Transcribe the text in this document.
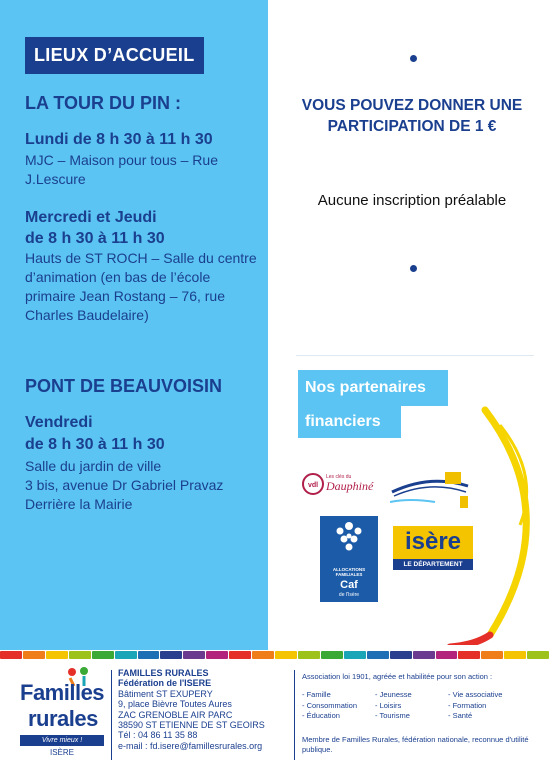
LIEUX D’ACCUEIL
LA TOUR DU PIN :
Lundi de 8 h 30 à 11 h 30
MJC – Maison pour tous – Rue J.Lescure
Mercredi et Jeudi
de 8 h 30 à 11 h 30
Hauts de ST ROCH – Salle du centre d’animation (en bas de l’école primaire Jean Rostang – 76, rue Charles Baudelaire)
PONT DE BEAUVOISIN
Vendredi
de 8 h 30 à 11 h 30
Salle du jardin de ville
3 bis, avenue Dr Gabriel Pravaz
Derrière la Mairie
VOUS POUVEZ DONNER UNE PARTICIPATION DE 1 €
Aucune inscription préalable
Nos partenaires
financiers
vdl
Les clés du
Dauphiné
ALLOCATIONS
FAMILIALES
Caf
de l'Isère
isère
LE DÉPARTEMENT
Familles
rurales
Vivre mieux !
ISÈRE
FAMILLES RURALES
Fédération de l'ISERE
Bâtiment ST EXUPERY
9, place Bièvre Toutes Aures
ZAC GRENOBLE AIR PARC
38590 ST ETIENNE DE ST GEOIRS
Tél : 04 86 11 35 88
e-mail : fd.isere@famillesrurales.org
Association loi 1901, agréée et habilitée pour son action :
- Famille	- Jeunesse	- Vie associative
- Consommation	- Loisirs	- Formation
- Éducation	- Tourisme	- Santé
Membre de Familles Rurales, fédération nationale, reconnue d'utilité publique.
